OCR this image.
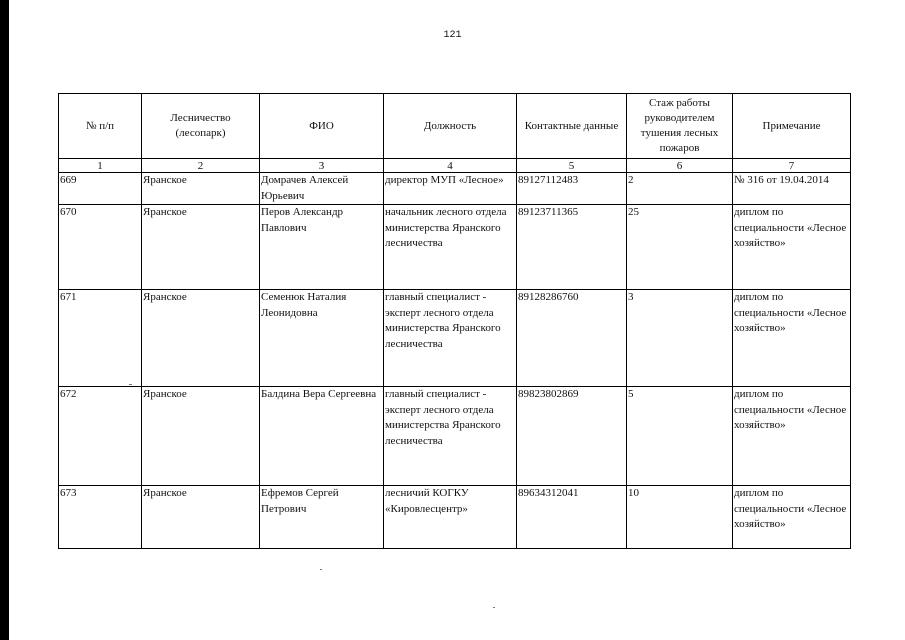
121
№ п/п	Лесничество (лесопарк)	ФИО	Должность	Контактные данные	Стаж работы руководителем тушения лесных пожаров	Примечание
1	2	3	4	5	6	7
669	Яранское	Домрачев Алексей Юрьевич	директор МУП «Лесное»	89127112483	2	№ 316 от 19.04.2014
670	Яранское	Перов Александр Павлович	начальник лесного отдела министерства Яранского лесничества	89123711365	25	диплом по специальности «Лесное хозяйство»
671	Яранское	Семенюк Наталия Леонидовна	главный специалист - эксперт лесного отдела министерства Яранского лесничества	89128286760	3	диплом по специальности «Лесное хозяйство»
672	Яранское	Балдина Вера Сергеевна	главный специалист - эксперт лесного отдела министерства Яранского лесничества	89823802869	5	диплом по специальности «Лесное хозяйство»
673	Яранское	Ефремов Сергей Петрович	лесничий КОГКУ «Кировлесцентр»	89634312041	10	диплом по специальности «Лесное хозяйство»
